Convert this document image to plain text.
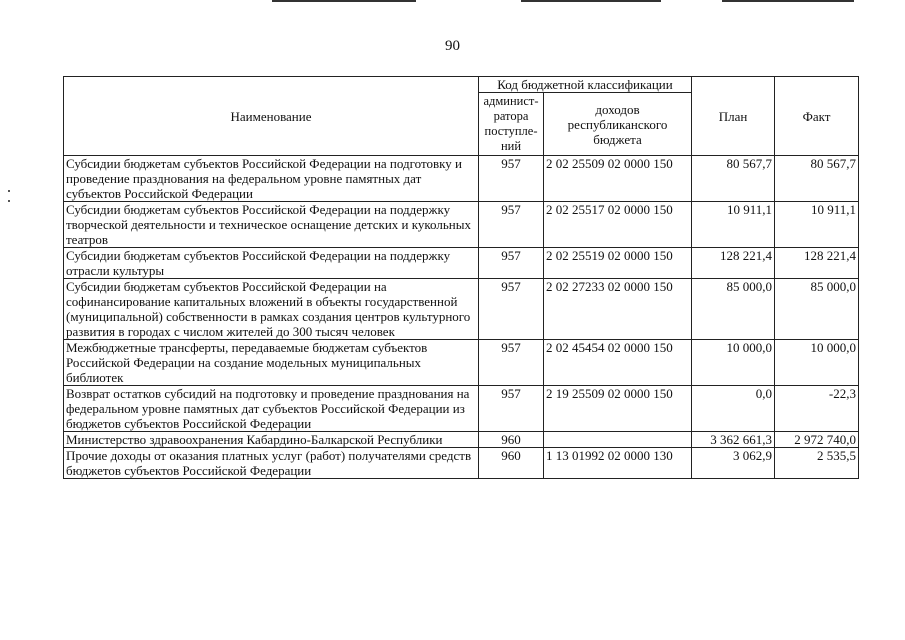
90
Наименование	Код бюджетной классификации		План	Факт
	админист-ратора поступле-ний	доходов республиканского бюджета		
Субсидии бюджетам субъектов Российской Федерации на подготовку и проведение празднования на федеральном уровне памятных дат субъектов Российской Федерации	957	2 02 25509 02 0000 150	80 567,7	80 567,7
Субсидии бюджетам субъектов Российской Федерации на поддержку творческой деятельности и техническое оснащение детских и кукольных театров	957	2 02 25517 02 0000 150	10 911,1	10 911,1
Субсидии бюджетам субъектов Российской Федерации на поддержку отрасли культуры	957	2 02 25519 02 0000 150	128 221,4	128 221,4
Субсидии бюджетам субъектов Российской Федерации на софинансирование капитальных вложений в объекты государственной (муниципальной) собственности в рамках создания центров культурного развития в городах с числом жителей до 300 тысяч человек	957	2 02 27233 02 0000 150	85 000,0	85 000,0
Межбюджетные трансферты, передаваемые бюджетам субъектов Российской Федерации на создание модельных муниципальных библиотек	957	2 02 45454 02 0000 150	10 000,0	10 000,0
Возврат остатков субсидий на подготовку и проведение празднования на федеральном уровне памятных дат субъектов Российской Федерации из бюджетов субъектов Российской Федерации	957	2 19 25509 02 0000 150	0,0	-22,3
Министерство здравоохранения Кабардино-Балкарской Республики	960		3 362 661,3	2 972 740,0
Прочие доходы от оказания платных услуг (работ) получателями средств бюджетов субъектов Российской Федерации	960	1 13 01992 02 0000 130	3 062,9	2 535,5
